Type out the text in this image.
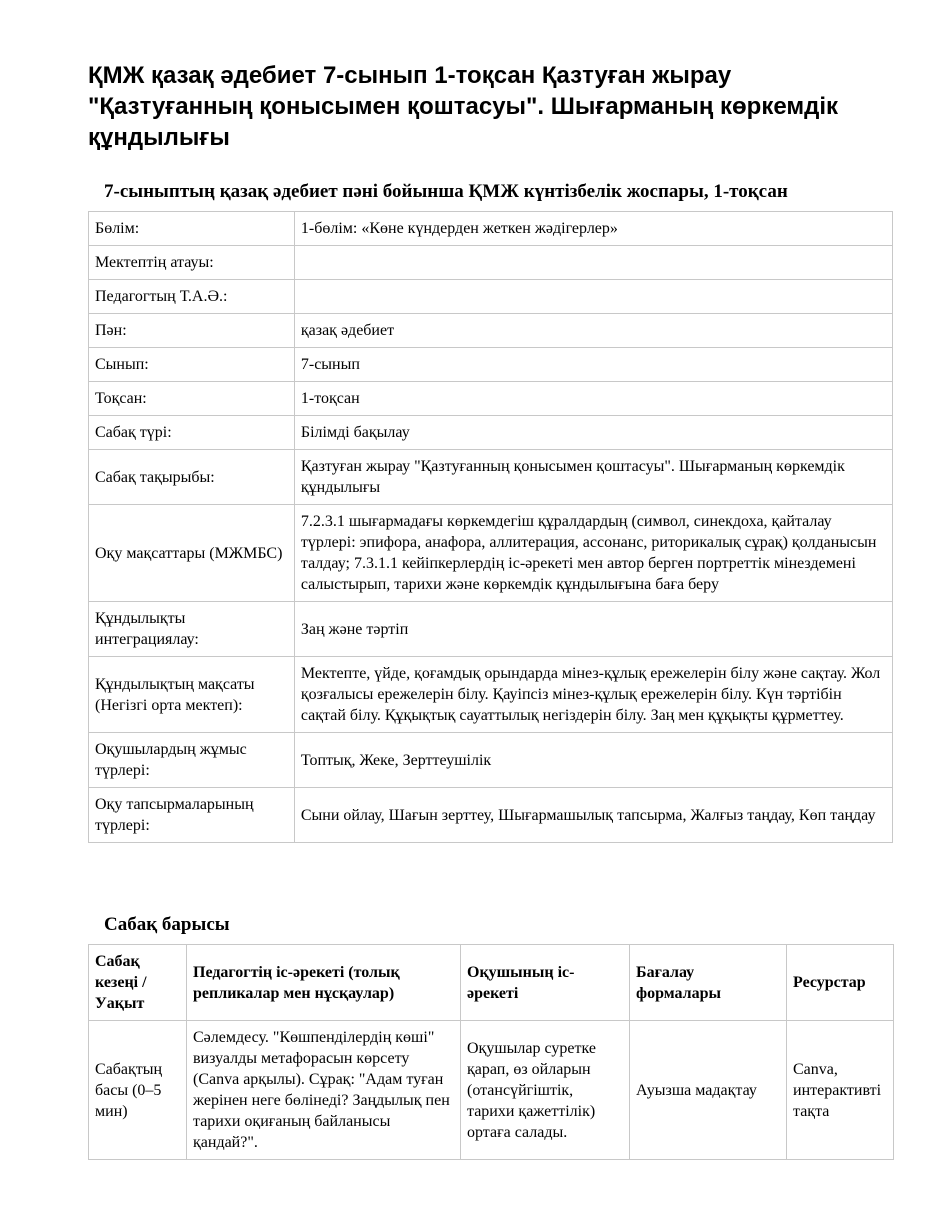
ҚМЖ қазақ әдебиет 7-сынып 1-тоқсан Қазтуған жырау "Қазтуғанның қонысымен қоштасуы". Шығарманың көркемдік құндылығы
7-сыныптың қазақ әдебиет пәні бойынша ҚМЖ күнтізбелік жоспары, 1-тоқсан
Бөлім:	1-бөлім: «Көне күндерден жеткен жәдігерлер»
Мектептің атауы:	
Педагогтың Т.А.Ә.:	
Пән:	қазақ әдебиет
Сынып:	7-сынып
Тоқсан:	1-тоқсан
Сабақ түрі:	Білімді бақылау
Сабақ тақырыбы:	Қазтуған жырау "Қазтуғанның қонысымен қоштасуы". Шығарманың көркемдік құндылығы
Оқу мақсаттары (МЖМБС)	7.2.3.1 шығармадағы көркемдегіш құралдардың (символ, синекдоха, қайталау түрлері: эпифора, анафора, аллитерация, ассонанс, риторикалық сұрақ) қолданысын талдау; 7.3.1.1 кейіпкерлердің іс-әрекеті мен автор берген портреттік мінездемені салыстырып, тарихи және көркемдік құндылығына баға беру
Құндылықты интеграциялау:	Заң және тәртіп
Құндылықтың мақсаты (Негізгі орта мектеп):	Мектепте, үйде, қоғамдық орындарда мінез-құлық ережелерін білу және сақтау. Жол қозғалысы ережелерін білу. Қауіпсіз мінез-құлық ережелерін білу. Күн тәртібін сақтай білу. Құқықтық сауаттылық негіздерін білу. Заң мен құқықты құрметтеу.
Оқушылардың жұмыс түрлері:	Топтық, Жеке, Зерттеушілік
Оқу тапсырмаларының түрлері:	Сыни ойлау, Шағын зерттеу, Шығармашылық тапсырма, Жалғыз таңдау, Көп таңдау
Сабақ барысы
Сабақ кезеңі / Уақыт	Педагогтің іс-әрекеті (толық репликалар мен нұсқаулар)	Оқушының іс-әрекеті	Бағалау формалары	Ресурстар
Сабақтың басы (0–5 мин)	Сәлемдесу. "Көшпенділердің көші" визуалды метафорасын көрсету (Canva арқылы). Сұрақ: "Адам туған жерінен неге бөлінеді? Заңдылық пен тарихи оқиғаның байланысы қандай?".	Оқушылар суретке қарап, өз ойларын (отансүйгіштік, тарихи қажеттілік) ортаға салады.	Ауызша мадақтау	Canva, интерактивті тақта
